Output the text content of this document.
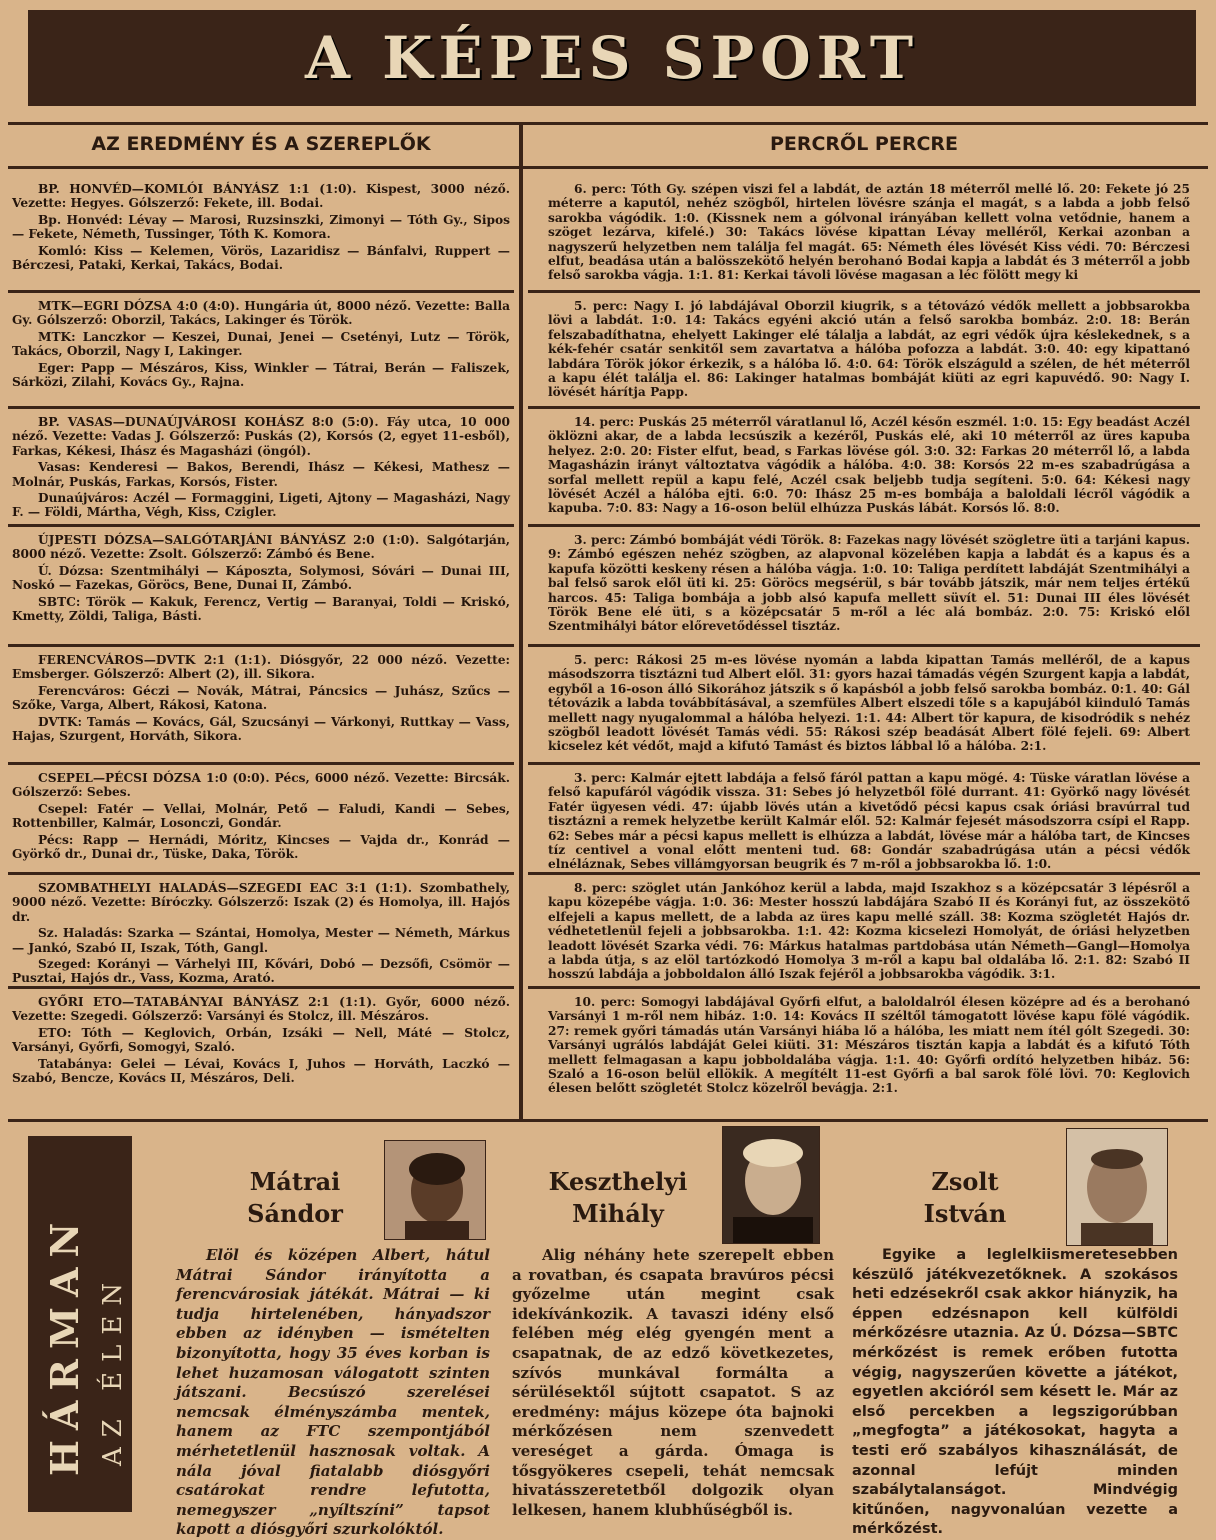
A KÉPES SPORT
AZ EREDMÉNY ÉS A SZEREPLŐK	PERCRŐL PERCRE

BP. HONVÉD—KOMLÓI BÁNYÁSZ 1:1 (1:0). Kispest, 3000 néző. Vezette: Hegyes. Gólszerző: Fekete, ill. Bodai.

Bp. Honvéd: Lévay — Marosi, Ruzsinszki, Zimonyi — Tóth Gy., Sipos — Fekete, Németh, Tussinger, Tóth K. Komora.

Komló: Kiss — Kelemen, Vörös, Lazaridisz — Bánfalvi, Ruppert — Bérczesi, Pataki, Kerkai, Takács, Bodai.

MTK—EGRI DÓZSA 4:0 (4:0). Hungária út, 8000 néző. Vezette: Balla Gy. Gólszerző: Oborzil, Takács, Lakinger és Török.

MTK: Lanczkor — Keszei, Dunai, Jenei — Csetényi, Lutz — Török, Takács, Oborzil, Nagy I, Lakinger.

Eger: Papp — Mészáros, Kiss, Winkler — Tátrai, Berán — Faliszek, Sárközi, Zilahi, Kovács Gy., Rajna.

BP. VASAS—DUNAÚJVÁROSI KOHÁSZ 8:0 (5:0). Fáy utca, 10 000 néző. Vezette: Vadas J. Gólszerző: Puskás (2), Korsós (2, egyet 11-esből), Farkas, Kékesi, Ihász és Magasházi (öngól).

Vasas: Kenderesi — Bakos, Berendi, Ihász — Kékesi, Mathesz — Molnár, Puskás, Farkas, Korsós, Fister.

Dunaújváros: Aczél — Formaggini, Ligeti, Ajtony — Magasházi, Nagy F. — Földi, Mártha, Végh, Kiss, Czigler.

ÚJPESTI DÓZSA—SALGÓTARJÁNI BÁNYÁSZ 2:0 (1:0). Salgótarján, 8000 néző. Vezette: Zsolt. Gólszerző: Zámbó és Bene.

Ú. Dózsa: Szentmihályi — Káposzta, Solymosi, Sóvári — Dunai III, Noskó — Fazekas, Göröcs, Bene, Dunai II, Zámbó.

SBTC: Török — Kakuk, Ferencz, Vertig — Baranyai, Toldi — Kriskó, Kmetty, Zöldi, Taliga, Básti.

FERENCVÁROS—DVTK 2:1 (1:1). Diósgyőr, 22 000 néző. Vezette: Emsberger. Gólszerző: Albert (2), ill. Sikora.

Ferencváros: Géczi — Novák, Mátrai, Páncsics — Juhász, Szűcs — Szőke, Varga, Albert, Rákosi, Katona.

DVTK: Tamás — Kovács, Gál, Szucsányi — Várkonyi, Ruttkay — Vass, Hajas, Szurgent, Horváth, Sikora.

CSEPEL—PÉCSI DÓZSA 1:0 (0:0). Pécs, 6000 néző. Vezette: Bircsák. Gólszerző: Sebes.

Csepel: Fatér — Vellai, Molnár, Pető — Faludi, Kandi — Sebes, Rottenbiller, Kalmár, Losonczi, Gondár.

Pécs: Rapp — Hernádi, Móritz, Kincses — Vajda dr., Konrád — Györkő dr., Dunai dr., Tüske, Daka, Török.

SZOMBATHELYI HALADÁS—SZEGEDI EAC 3:1 (1:1). Szombathely, 9000 néző. Vezette: Bíróczky. Gólszerző: Iszak (2) és Homolya, ill. Hajós dr.

Sz. Haladás: Szarka — Szántai, Homolya, Mester — Németh, Márkus — Jankó, Szabó II, Iszak, Tóth, Gangl.

Szeged: Korányi — Várhelyi III, Kővári, Dobó — Dezsőfi, Csömör — Pusztai, Hajós dr., Vass, Kozma, Arató.

GYŐRI ETO—TATABÁNYAI BÁNYÁSZ 2:1 (1:1). Győr, 6000 néző. Vezette: Szegedi. Gólszerző: Varsányi és Stolcz, ill. Mészáros.

ETO: Tóth — Keglovich, Orbán, Izsáki — Nell, Máté — Stolcz, Varsányi, Győrfi, Somogyi, Szaló.

Tatabánya: Gelei — Lévai, Kovács I, Juhos — Horváth, Laczkó — Szabó, Bencze, Kovács II, Mészáros, Deli.

6. perc: Tóth Gy. szépen viszi fel a labdát, de aztán 18 méterről mellé lő. 20: Fekete jó 25 méterre a kaputól, nehéz szögből, hirtelen lövésre szánja el magát, s a labda a jobb felső sarokba vágódik. 1:0. (Kissnek nem a gólvonal irányában kellett volna vetődnie, hanem a szöget lezárva, kifelé.) 30: Takács lövése kipattan Lévay melléről, Kerkai azonban a nagyszerű helyzetben nem találja fel magát. 65: Németh éles lövését Kiss védi. 70: Bérczesi elfut, beadása után a balösszekötő helyén berohanó Bodai kapja a labdát és 3 méterről a jobb felső sarokba vágja. 1:1. 81: Kerkai távoli lövése magasan a léc fölött megy ki

5. perc: Nagy I. jó labdájával Oborzil kiugrik, s a tétovázó védők mellett a jobbsarokba lövi a labdát. 1:0. 14: Takács egyéni akció után a felső sarokba bombáz. 2:0. 18: Berán felszabadíthatna, ehelyett Lakinger elé tálalja a labdát, az egri védők újra késlekednek, s a kék-fehér csatár senkitől sem zavartatva a hálóba pofozza a labdát. 3:0. 40: egy kipattanó labdára Török jókor érkezik, s a hálóba lő. 4:0. 64: Török elszáguld a szélen, de hét méterről a kapu élét találja el. 86: Lakinger hatalmas bombáját kiüti az egri kapuvédő. 90: Nagy I. lövését hárítja Papp.

14. perc: Puskás 25 méterről váratlanul lő, Aczél későn eszmél. 1:0. 15: Egy beadást Aczél öklözni akar, de a labda lecsúszik a kezéről, Puskás elé, aki 10 méterről az üres kapuba helyez. 2:0. 20: Fister elfut, bead, s Farkas lövése gól. 3:0. 32: Farkas 20 méterről lő, a labda Magasházin irányt változtatva vágódik a hálóba. 4:0. 38: Korsós 22 m-es szabadrúgása a sorfal mellett repül a kapu felé, Aczél csak beljebb tudja segíteni. 5:0. 64: Kékesi nagy lövését Aczél a hálóba ejti. 6:0. 70: Ihász 25 m-es bombája a baloldali lécről vágódik a kapuba. 7:0. 83: Nagy a 16-oson belül elhúzza Puskás lábát. Korsós lő. 8:0.

3. perc: Zámbó bombáját védi Török. 8: Fazekas nagy lövését szögletre üti a tarjáni kapus. 9: Zámbó egészen nehéz szögben, az alapvonal közelében kapja a labdát és a kapus és a kapufa közötti keskeny résen a hálóba vágja. 1:0. 10: Taliga perdített labdáját Szentmihályi a bal felső sarok elől üti ki. 25: Göröcs megsérül, s bár tovább játszik, már nem teljes értékű harcos. 45: Taliga bombája a jobb alsó kapufa mellett süvít el. 51: Dunai III éles lövését Török Bene elé üti, s a középcsatár 5 m-ről a léc alá bombáz. 2:0. 75: Kriskó elől Szentmihályi bátor előrevetődéssel tisztáz.

5. perc: Rákosi 25 m-es lövése nyomán a labda kipattan Tamás melléről, de a kapus másodszorra tisztázni tud Albert elől. 31: gyors hazai támadás végén Szurgent kapja a labdát, egyből a 16-oson álló Sikorához játszik s ő kapásból a jobb felső sarokba bombáz. 0:1. 40: Gál tétovázik a labda továbbításával, a szemfüles Albert elszedi tőle s a kapujából kiinduló Tamás mellett nagy nyugalommal a hálóba helyezi. 1:1. 44: Albert tör kapura, de kisodródik s nehéz szögből leadott lövését Tamás védi. 55: Rákosi szép beadását Albert fölé fejeli. 69: Albert kicselez két védőt, majd a kifutó Tamást és biztos lábbal lő a hálóba. 2:1.

3. perc: Kalmár ejtett labdája a felső fáról pattan a kapu mögé. 4: Tüske váratlan lövése a felső kapufáról vágódik vissza. 31: Sebes jó helyzetből fölé durrant. 41: Györkő nagy lövését Fatér ügyesen védi. 47: újabb lövés után a kivetődő pécsi kapus csak óriási bravúrral tud tisztázni a remek helyzetbe került Kalmár elől. 52: Kalmár fejesét másodszorra csípi el Rapp. 62: Sebes már a pécsi kapus mellett is elhúzza a labdát, lövése már a hálóba tart, de Kincses tíz centivel a vonal előtt menteni tud. 68: Gondár szabadrúgása után a pécsi védők elnéláznak, Sebes villámgyorsan beugrik és 7 m-ről a jobbsarokba lő. 1:0.

8. perc: szöglet után Jankóhoz kerül a labda, majd Iszakhoz s a középcsatár 3 lépésről a kapu közepébe vágja. 1:0. 36: Mester hosszú labdájára Szabó II és Korányi fut, az összekötő elfejeli a kapus mellett, de a labda az üres kapu mellé száll. 38: Kozma szögletét Hajós dr. védhetetlenül fejeli a jobbsarokba. 1:1. 42: Kozma kicselezi Homolyát, de óriási helyzetben leadott lövését Szarka védi. 76: Márkus hatalmas partdobása után Németh—Gangl—Homolya a labda útja, s az elöl tartózkodó Homolya 3 m-ről a kapu bal oldalába lő. 2:1. 82: Szabó II hosszú labdája a jobboldalon álló Iszak fejéről a jobbsarokba vágódik. 3:1.

10. perc: Somogyi labdájával Győrfi elfut, a baloldalról élesen középre ad és a berohanó Varsányi 1 m-ről nem hibáz. 1:0. 14: Kovács II széltől támogatott lövése kapu fölé vágódik. 27: remek győri támadás után Varsányi hiába lő a hálóba, les miatt nem ítél gólt Szegedi. 30: Varsányi ugrálós labdáját Gelei kiüti. 31: Mészáros tisztán kapja a labdát és a kifutó Tóth mellett felmagasan a kapu jobboldalába vágja. 1:1. 40: Győrfi ordító helyzetben hibáz. 56: Szaló a 16-oson belül ellökik. A megítélt 11-est Győrfi a bal sarok fölé lövi. 70: Keglovich élesen belőtt szögletét Stolcz közelről bevágja. 2:1.

HÁRMAN AZ ÉLEN
Mátrai
Sándor
Keszthelyi
Mihály
Zsolt
István

Elöl és középen Albert, hátul Mátrai Sándor irányította a ferencvárosiak játékát. Mátrai — ki tudja hirtelenében, hányadszor ebben az idényben — ismételten bizonyította, hogy 35 éves korban is lehet huzamosan válogatott szinten játszani. Becsúszó szerelései nemcsak élményszámba mentek, hanem az FTC szempontjából mérhetetlenül hasznosak voltak. A nála jóval fiatalabb diósgyőri csatárokat rendre lefutotta, nemegyszer „nyíltszíni” tapsot kapott a diósgyőri szurkolóktól.

Alig néhány hete szerepelt ebben a rovatban, és csapata bravúros pécsi győzelme után megint csak idekívánkozik. A tavaszi idény első felében még elég gyengén ment a csapatnak, de az edző következetes, szívós munkával formálta a sérülésektől sújtott csapatot. S az eredmény: május közepe óta bajnoki mérkőzésen nem szenvedett vereséget a gárda. Ómaga is tősgyökeres csepeli, tehát nemcsak hivatásszeretetből dolgozik olyan lelkesen, hanem klubhűségből is.

Egyike a leglelkiismeretesebben készülő játékvezetőknek. A szokásos heti edzésekről csak akkor hiányzik, ha éppen edzésnapon kell külföldi mérkőzésre utaznia. Az Ú. Dózsa—SBTC mérkőzést is remek erőben futotta végig, nagyszerűen követte a játékot, egyetlen akcióról sem késett le. Már az első percekben a legszigorúbban „megfogta” a játékosokat, hagyta a testi erő szabályos kihasználását, de azonnal lefújt minden szabálytalanságot. Mindvégig kitűnően, nagyvonalúan vezette a mérkőzést.
